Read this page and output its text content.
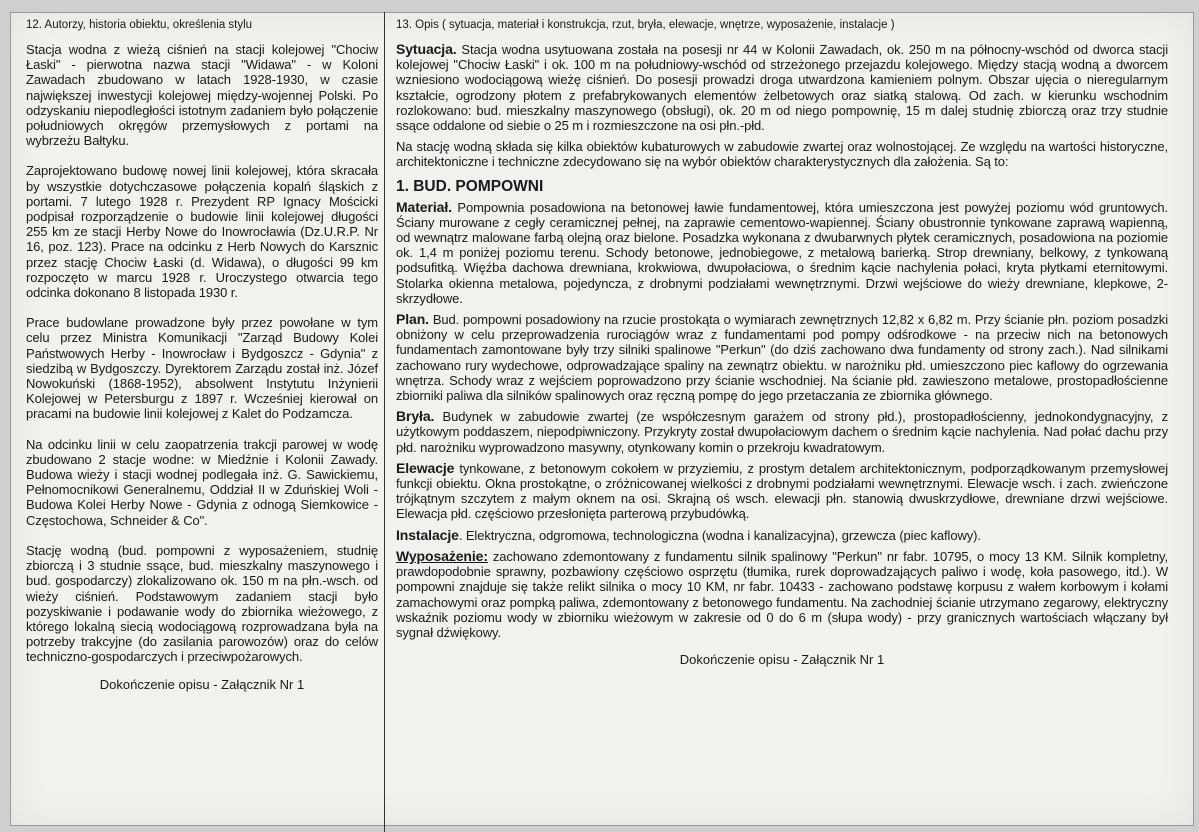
12. Autorzy, historia obiektu, określenia stylu

Stacja wodna z wieżą ciśnień na stacji kolejowej "Chociw Łaski" - pierwotna nazwa stacji "Widawa" - w Koloni Zawadach zbudowano w latach 1928-1930, w czasie największej inwestycji kolejowej między-wojennej Polski. Po odzyskaniu niepodległości istotnym zadaniem było połączenie południowych okręgów przemysłowych z portami na wybrzeżu Bałtyku.

Zaprojektowano budowę nowej linii kolejowej, która skracała by wszystkie dotychczasowe połączenia kopalń śląskich z portami. 7 lutego 1928 r. Prezydent RP Ignacy Mościcki podpisał rozporządzenie o budowie linii kolejowej długości 255 km ze stacji Herby Nowe do Inowrocławia (Dz.U.R.P. Nr 16, poz. 123). Prace na odcinku z Herb Nowych do Karsznic przez stację Chociw Łaski (d. Widawa), o długości 99 km rozpoczęto w marcu 1928 r. Uroczystego otwarcia tego odcinka dokonano 8 listopada 1930 r.

Prace budowlane prowadzone były przez powołane w tym celu przez Ministra Komunikacji "Zarząd Budowy Kolei Państwowych Herby - Inowrocław i Bydgoszcz - Gdynia" z siedzibą w Bydgoszczy. Dyrektorem Zarządu został inż. Józef Nowokuński (1868-1952), absolwent Instytutu Inżynierii Kolejowej w Petersburgu z 1897 r. Wcześniej kierował on pracami na budowie linii kolejowej z Kalet do Podzamcza.

Na odcinku linii w celu zaopatrzenia trakcji parowej w wodę zbudowano 2 stacje wodne: w Miedźnie i Kolonii Zawady. Budowa wieży i stacji wodnej podlegała inż. G. Sawickiemu, Pełnomocnikowi Generalnemu, Oddział II w Zduńskiej Woli - Budowa Kolei Herby Nowe - Gdynia z odnogą Siemkowice - Częstochowa, Schneider & Co".

Stację wodną (bud. pompowni z wyposażeniem, studnię zbiorczą i 3 studnie ssące, bud. mieszkalny maszynowego i bud. gospodarczy) zlokalizowano ok. 150 m na płn.-wsch. od wieży ciśnień. Podstawowym zadaniem stacji było pozyskiwanie i podawanie wody do zbiornika wieżowego, z którego lokalną siecią wodociągową rozprowadzana była na potrzeby trakcyjne (do zasilania parowozów) oraz do celów techniczno-gospodarczych i przeciwpożarowych.

Dokończenie opisu - Załącznik Nr 1
13. Opis ( sytuacja, materiał i konstrukcja, rzut, bryła, elewacje, wnętrze, wyposażenie, instalacje )

Sytuacja. Stacja wodna usytuowana została na posesji nr 44 w Kolonii Zawadach, ok. 250 m na północny-wschód od dworca stacji kolejowej "Chociw Łaski" i ok. 100 m na południowy-wschód od strzeżonego przejazdu kolejowego. Między stacją wodną a dworcem wzniesiono wodociągową wieżę ciśnień. Do posesji prowadzi droga utwardzona kamieniem polnym. Obszar ujęcia o nieregularnym kształcie, ogrodzony płotem z prefabrykowanych elementów żelbetowych oraz siatką stalową. Od zach. w kierunku wschodnim rozlokowano: bud. mieszkalny maszynowego (obsługi), ok. 20 m od niego pompownię, 15 m dalej studnię zbiorczą oraz trzy studnie ssące oddalone od siebie o 25 m i rozmieszczone na osi płn.-płd.

Na stację wodną składa się kilka obiektów kubaturowych w zabudowie zwartej oraz wolnostojącej. Ze względu na wartości historyczne, architektoniczne i techniczne zdecydowano się na wybór obiektów charakterystycznych dla założenia. Są to:

1. BUD. POMPOWNI

Materiał. Pompownia posadowiona na betonowej ławie fundamentowej, która umieszczona jest powyżej poziomu wód gruntowych. Ściany murowane z cegły ceramicznej pełnej, na zaprawie cementowo-wapiennej. Ściany obustronnie tynkowane zaprawą wapienną, od wewnątrz malowane farbą olejną oraz bielone. Posadzka wykonana z dwubarwnych płytek ceramicznych, posadowiona na poziomie ok. 1,4 m poniżej poziomu terenu. Schody betonowe, jednobiegowe, z metalową barierką. Strop drewniany, belkowy, z tynkowaną podsufitką. Więźba dachowa drewniana, krokwiowa, dwupołaciowa, o średnim kącie nachylenia połaci, kryta płytkami eternitowymi. Stolarka okienna metalowa, pojedyncza, z drobnymi podziałami wewnętrznymi. Drzwi wejściowe do wieży drewniane, klepkowe, 2-skrzydłowe.

Plan. Bud. pompowni posadowiony na rzucie prostokąta o wymiarach zewnętrznych 12,82 x 6,82 m. Przy ścianie płn. poziom posadzki obniżony w celu przeprowadzenia rurociągów wraz z fundamentami pod pompy odśrodkowe - na przeciw nich na betonowych fundamentach zamontowane były trzy silniki spalinowe "Perkun" (do dziś zachowano dwa fundamenty od strony zach.). Nad silnikami zachowano rury wydechowe, odprowadzające spaliny na zewnątrz obiektu. w narożniku płd. umieszczono piec kaflowy do ogrzewania wnętrza. Schody wraz z wejściem poprowadzono przy ścianie wschodniej. Na ścianie płd. zawieszono metalowe, prostopadłościenne zbiorniki paliwa dla silników spalinowych oraz ręczną pompę do jego przetaczania ze zbiornika głównego.

Bryła. Budynek w zabudowie zwartej (ze współczesnym garażem od strony płd.), prostopadłościenny, jednokondygnacyjny, z użytkowym poddaszem, niepodpiwniczony. Przykryty został dwupołaciowym dachem o średnim kącie nachylenia. Nad połać dachu przy płd. narożniku wyprowadzono masywny, otynkowany komin o przekroju kwadratowym.

Elewacje tynkowane, z betonowym cokołem w przyziemiu, z prostym detalem architektonicznym, podporządkowanym przemysłowej funkcji obiektu. Okna prostokątne, o zróżnicowanej wielkości z drobnymi podziałami wewnętrznymi. Elewacje wsch. i zach. zwieńczone trójkątnym szczytem z małym oknem na osi. Skrajną oś wsch. elewacji płn. stanowią dwuskrzydłowe, drewniane drzwi wejściowe. Elewacja płd. częściowo przesłonięta parterową przybudówką.

Instalacje. Elektryczna, odgromowa, technologiczna (wodna i kanalizacyjna), grzewcza (piec kaflowy).

Wyposażenie: zachowano zdemontowany z fundamentu silnik spalinowy "Perkun" nr fabr. 10795, o mocy 13 KM. Silnik kompletny, prawdopodobnie sprawny, pozbawiony częściowo osprzętu (tłumika, rurek doprowadzających paliwo i wodę, koła pasowego, itd.). W pompowni znajduje się także relikt silnika o mocy 10 KM, nr fabr. 10433 - zachowano podstawę korpusu z wałem korbowym i kołami zamachowymi oraz pompką paliwa, zdemontowany z betonowego fundamentu. Na zachodniej ścianie utrzymano zegarowy, elektryczny wskaźnik poziomu wody w zbiorniku wieżowym w zakresie od 0 do 6 m (słupa wody) - przy granicznych wartościach włączany był sygnał dźwiękowy.

Dokończenie opisu - Załącznik Nr 1
